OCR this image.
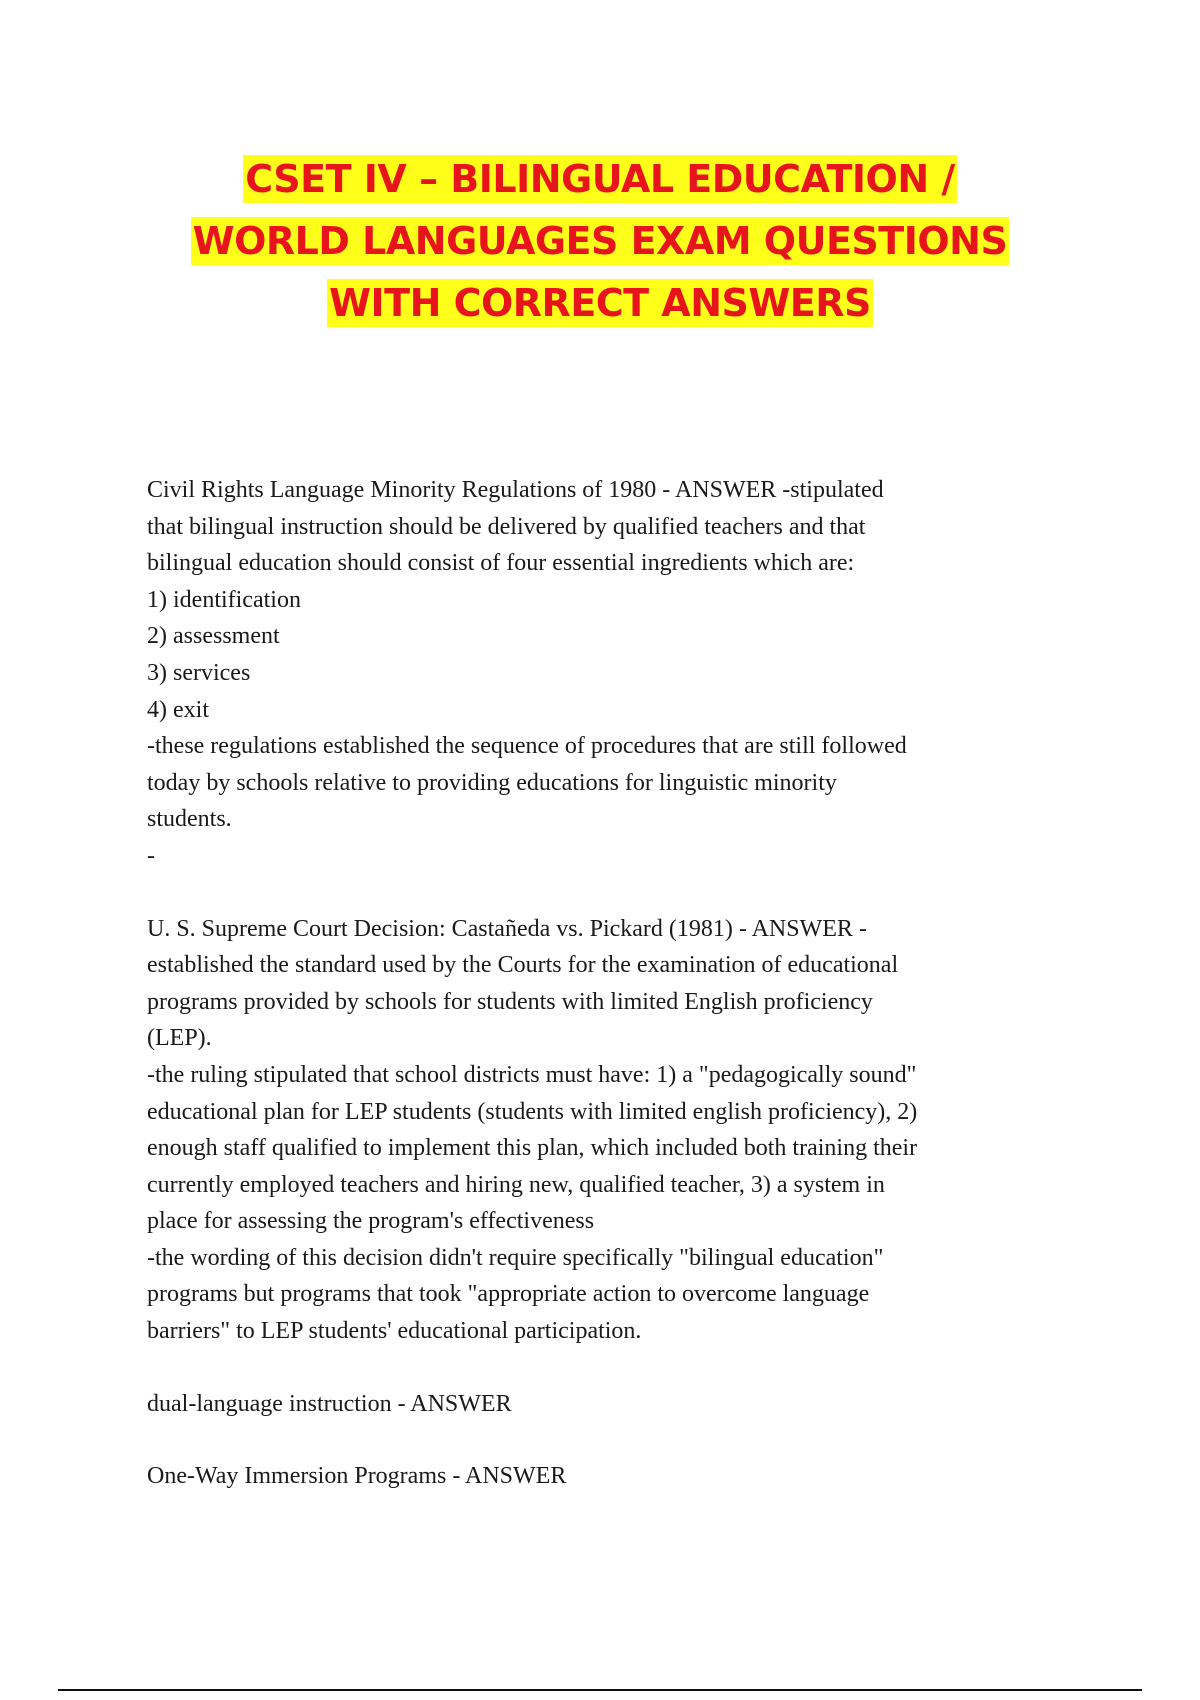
CSET IV – BILINGUAL EDUCATION /
WORLD LANGUAGES EXAM QUESTIONS
WITH CORRECT ANSWERS
Civil Rights Language Minority Regulations of 1980 - ANSWER -stipulated
that bilingual instruction should be delivered by qualified teachers and that
bilingual education should consist of four essential ingredients which are:
1) identification
2) assessment
3) services
4) exit
-these regulations established the sequence of procedures that are still followed
today by schools relative to providing educations for linguistic minority
students.
-
U. S. Supreme Court Decision: Castañeda vs. Pickard (1981) - ANSWER -
established the standard used by the Courts for the examination of educational
programs provided by schools for students with limited English proficiency
(LEP).
-the ruling stipulated that school districts must have: 1) a "pedagogically sound"
educational plan for LEP students (students with limited english proficiency), 2)
enough staff qualified to implement this plan, which included both training their
currently employed teachers and hiring new, qualified teacher, 3) a system in
place for assessing the program's effectiveness
-the wording of this decision didn't require specifically "bilingual education"
programs but programs that took "appropriate action to overcome language
barriers" to LEP students' educational participation.
dual-language instruction - ANSWER
One-Way Immersion Programs - ANSWER
